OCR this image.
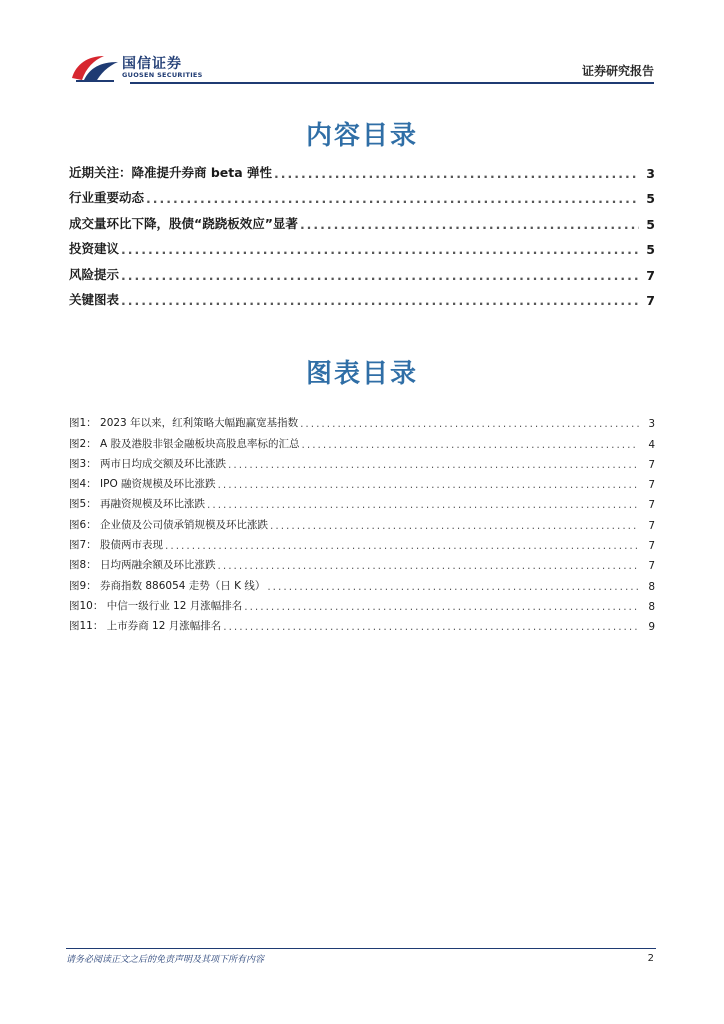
国信证券
GUOSEN SECURITIES	证券研究报告
内容目录
近期关注：降准提升券商 beta 弹性 .....	3
行业重要动态 .....	5
成交量环比下降，股债“跷跷板效应”显著 .....	5
投资建议 .....	5
风险提示 .....	7
关键图表 .....	7
图表目录
图1： 2023 年以来，红利策略大幅跑赢宽基指数 .....	3
图2： A 股及港股非银金融板块高股息率标的汇总 .....	4
图3： 两市日均成交额及环比涨跌 .....	7
图4： IPO 融资规模及环比涨跌 .....	7
图5： 再融资规模及环比涨跌 .....	7
图6： 企业债及公司债承销规模及环比涨跌 .....	7
图7： 股债两市表现 .....	7
图8： 日均两融余额及环比涨跌 .....	7
图9： 券商指数 886054 走势（日 K 线） .....	8
图10： 中信一级行业 12 月涨幅排名 .....	8
图11： 上市券商 12 月涨幅排名 .....	9
请务必阅读正文之后的免责声明及其项下所有内容	2
